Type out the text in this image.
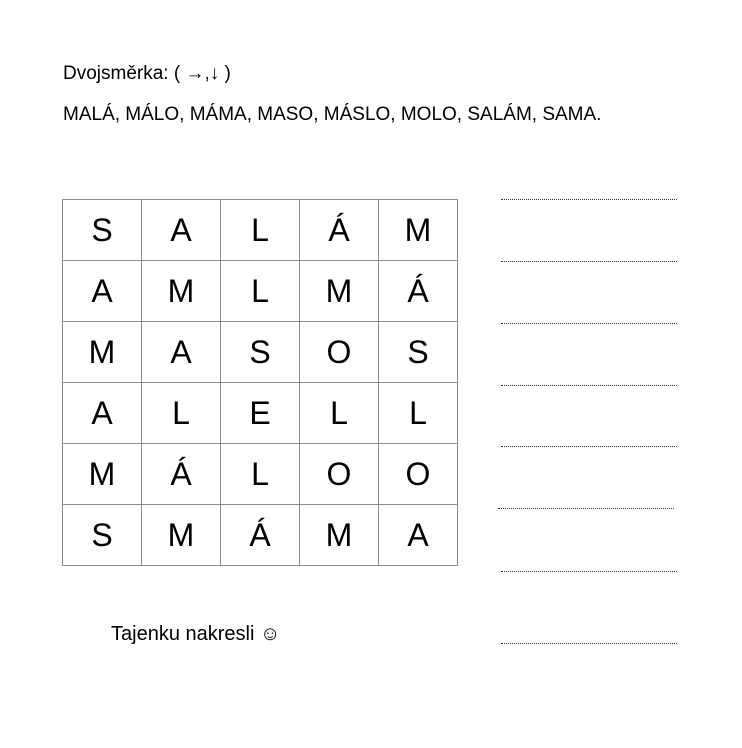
Dvojsměrka: ( →,↓ )
MALÁ, MÁLO, MÁMA, MASO, MÁSLO, MOLO, SALÁM, SAMA.
S	A	L	Á	M
A	M	L	M	Á
M	A	S	O	S
A	L	E	L	L
M	Á	L	O	O
S	M	Á	M	A
Tajenku nakresli ☺
